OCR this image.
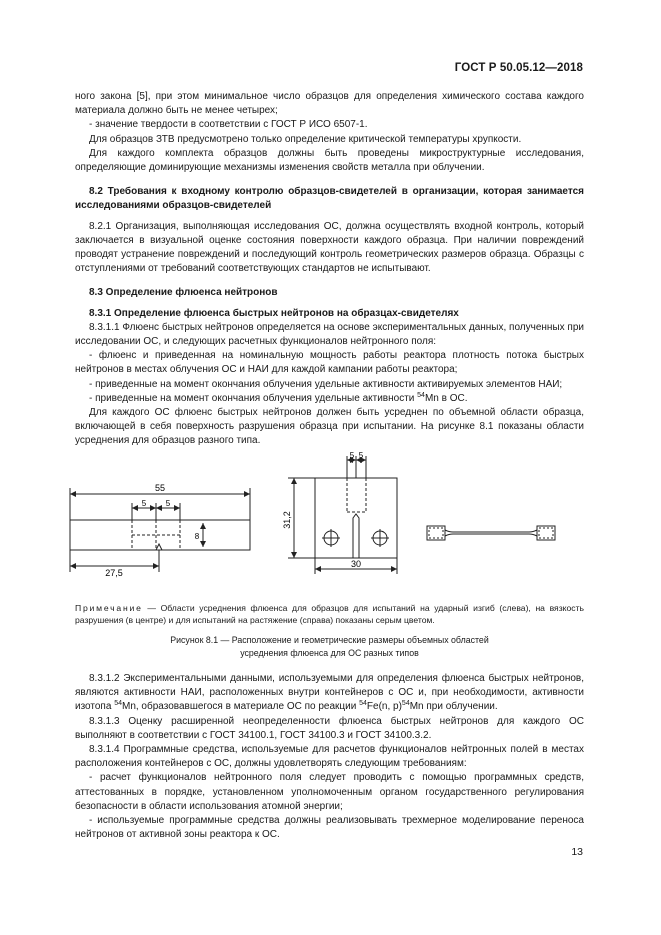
ГОСТ Р 50.05.12—2018

ного закона [5], при этом минимальное число образцов для определения химического состава каждого материала должно быть не менее четырех;

- значение твердости в соответствии с ГОСТ Р ИСО 6507-1.

Для образцов ЗТВ предусмотрено только определение критической температуры хрупкости.

Для каждого комплекта образцов должны быть проведены микроструктурные исследования, определяющие доминирующие механизмы изменения свойств металла при облучении.

8.2 Требования к входному контролю образцов-свидетелей в организации, которая занимается исследованиями образцов-свидетелей

8.2.1 Организация, выполняющая исследования ОС, должна осуществлять входной контроль, который заключается в визуальной оценке состояния поверхности каждого образца. При наличии повреждений проводят устранение повреждений и последующий контроль геометрических размеров образца. Образцы с отступлениями от требований соответствующих стандартов не испытывают.

8.3 Определение флюенса нейтронов

8.3.1 Определение флюенса быстрых нейтронов на образцах-свидетелях

8.3.1.1 Флюенс быстрых нейтронов определяется на основе экспериментальных данных, полученных при исследовании ОС, и следующих расчетных функционалов нейтронного поля:

- флюенс и приведенная на номинальную мощность работы реактора плотность потока быстрых нейтронов в местах облучения ОС и НАИ для каждой кампании работы реактора;

- приведенные на момент окончания облучения удельные активности активируемых элементов НАИ;

- приведенные на момент окончания облучения удельные активности $^{54}$Mn в ОС.

Для каждого ОС флюенс быстрых нейтронов должен быть усреднен по объемной области образца, включающей в себя поверхность разрушения образца при испытании. На рисунке 8.1 показаны области усреднения для образцов разного типа.

55
5 5
8
27,5
5 5
31,2
30
Примечание — Области усреднения флюенса для образцов для испытаний на ударный изгиб (слева), на вязкость разрушения (в центре) и для испытаний на растяжение (справа) показаны серым цветом.
Рисунок 8.1 — Расположение и геометрические размеры объемных областей
усреднения флюенса для ОС разных типов

8.3.1.2 Экспериментальными данными, используемыми для определения флюенса быстрых нейтронов, являются активности НАИ, расположенных внутри контейнеров с ОС и, при необходимости, активности изотопа $^{54}$Mn, образовавшегося в материале ОС по реакции $^{54}$Fe(n, p)$^{54}$Mn при облучении.

8.3.1.3 Оценку расширенной неопределенности флюенса быстрых нейтронов для каждого ОС выполняют в соответствии с ГОСТ 34100.1, ГОСТ 34100.3 и ГОСТ 34100.3.2.

8.3.1.4 Программные средства, используемые для расчетов функционалов нейтронных полей в местах расположения контейнеров с ОС, должны удовлетворять следующим требованиям:

- расчет функционалов нейтронного поля следует проводить с помощью программных средств, аттестованных в порядке, установленном уполномоченным органом государственного регулирования безопасности в области использования атомной энергии;

- используемые программные средства должны реализовывать трехмерное моделирование переноса нейтронов от активной зоны реактора к ОС.

13
